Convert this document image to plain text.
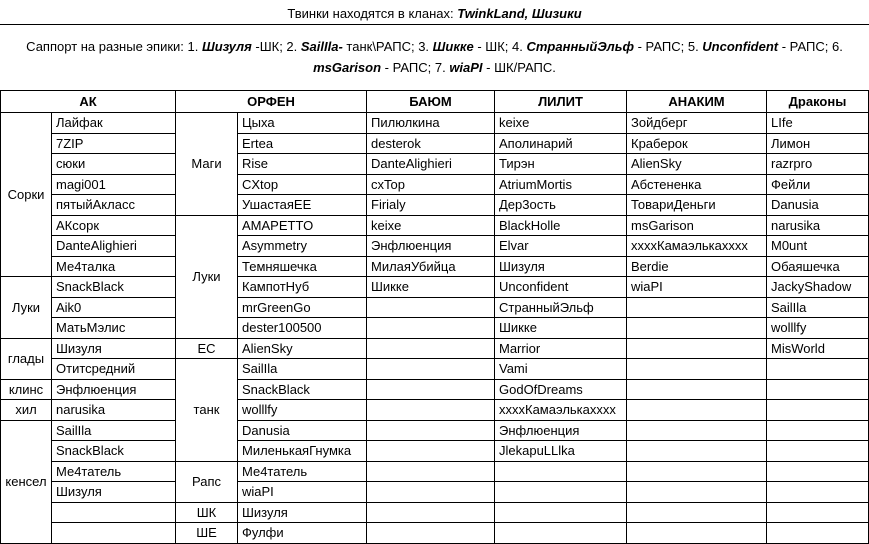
Твинки находятся в кланах: TwinkLand, Шизики
Саппорт на разные эпики: 1. Шизуля -ШК; 2. SailIla- танк\РАПС; 3. Шикке - ШК; 4. СтранныйЭльф - РАПС; 5. Unconfident - РАПС; 6.
msGarison - РАПС; 7. wiaPI - ШК/РАПС.
АК		ОРФЕН		БАЮМ	ЛИЛИТ	АНАКИМ	Драконы
Сорки	Лайфак	Маги	Цыха	Пилюлкина	keixe	Зойдберг	LIfe
	7ZIP		Ertea	desterok	Аполинарий	Краберок	Лимон
	сюки		Rise	DanteAlighieri	Тирэн	AlienSky	razrpro
	magi001		CXtop	cxTop	AtriumMortis	Абстененка	Фейли
	пятыйАкласс		УшастаяEE	Firialy	Дер3ость	ТовариДеньги	Danusia
	АКсорк	Луки	AMAPETTO	keixe	BlackHolle	msGarison	narusika
	DanteAlighieri		Asymmetry	Энфлюенция	Elvar	xxxxКамаэлькаxxxx	M0unt
	Ме4талка		Темняшечка	МилаяУбийца	Шизуля	Berdie	Обаяшечка
Луки	SnackBlack		КампотНуб	Шикке	Unconfident	wiaPI	JackyShadow
	Aik0		mrGreenGo		СтранныйЭльф		SailIla
	МатьМэлис		dester100500		Шикке		wolllfy
глады	Шизуля	ЕС	AlienSky		Marrior		MisWorld
	Отитсредний	танк	SailIla		Vami		
клинс	Энфлюенция		SnackBlack		GodOfDreams		
хил	narusika		wolllfy		xxxxКамаэлькаxxxx		
кенсел	SailIla		Danusia		Энфлюенция		
	SnackBlack		МиленькаяГнумка		JlekapuLLlka		
	Ме4татель	Рапс	Ме4татель				
	Шизуля		wiaPI				
		ШК	Шизуля				
		ШЕ	Фулфи				
